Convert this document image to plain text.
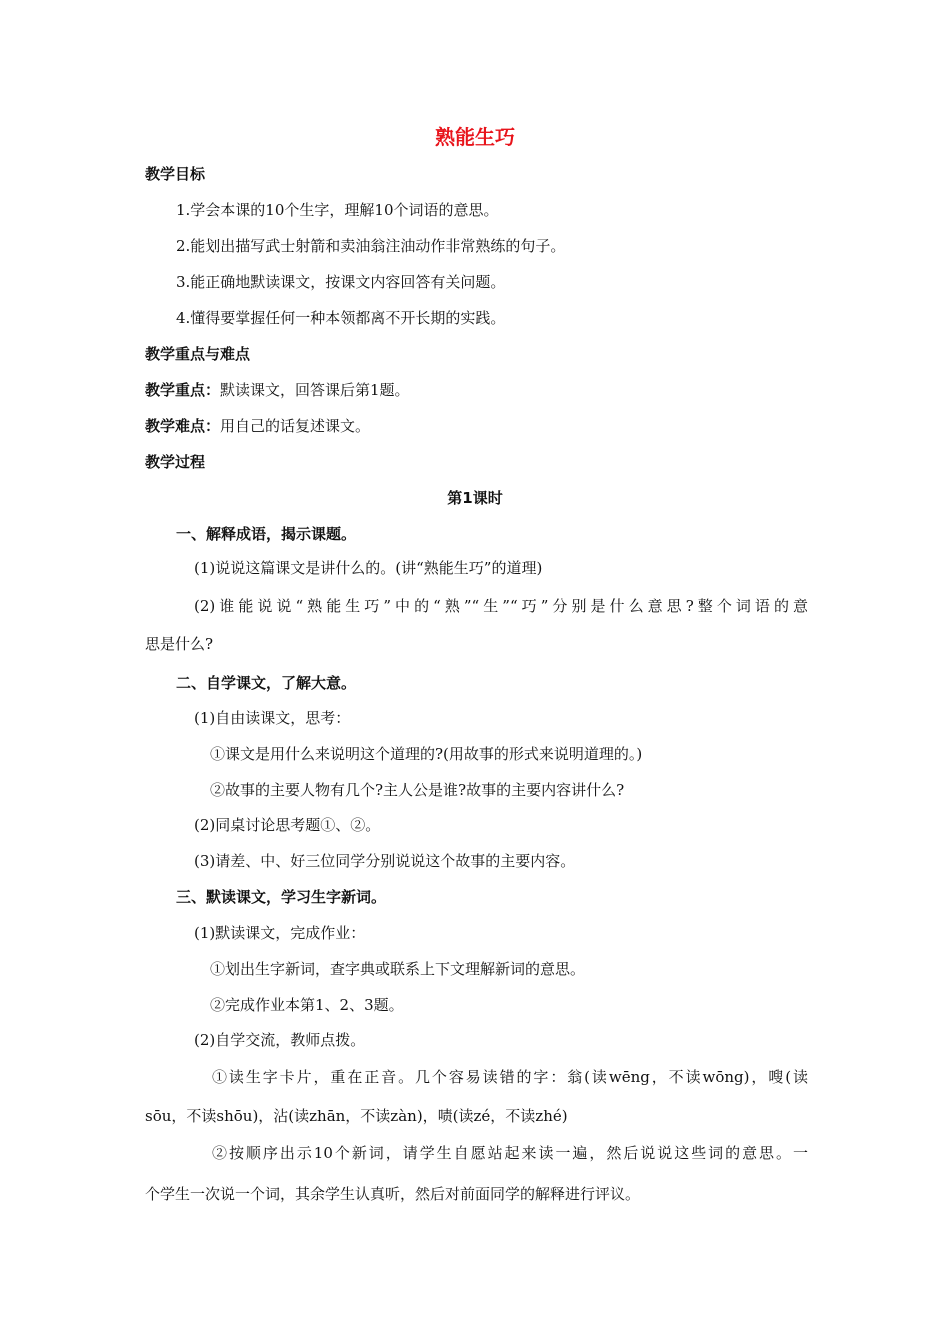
熟能生巧
教学目标
1.学会本课的10个生字，理解10个词语的意思。
2.能划出描写武士射箭和卖油翁注油动作非常熟练的句子。
3.能正确地默读课文，按课文内容回答有关问题。
4.懂得要掌握任何一种本领都离不开长期的实践。
教学重点与难点
教学重点：默读课文，回答课后第1题。
教学难点：用自己的话复述课文。
教学过程
第1课时
一、解释成语，揭示课题。
(1)说说这篇课文是讲什么的。(讲“熟能生巧”的道理)
(2)谁能说说“熟能生巧”中的“熟”“生”“巧”分别是什么意思?整个词语的意
思是什么?
二、自学课文，了解大意。
(1)自由读课文，思考：
①课文是用什么来说明这个道理的?(用故事的形式来说明道理的。)
②故事的主要人物有几个?主人公是谁?故事的主要内容讲什么?
(2)同桌讨论思考题①、②。
(3)请差、中、好三位同学分别说说这个故事的主要内容。
三、默读课文，学习生字新词。
(1)默读课文，完成作业：
①划出生字新词，查字典或联系上下文理解新词的意思。
②完成作业本第1、2、3题。
(2)自学交流，教师点拨。
①读生字卡片，重在正音。几个容易读错的字：翁(读wēng，不读wōng)，嗖(读
sōu，不读shōu)，沾(读zhān，不读zàn)，啧(读zé，不读zhé)
②按顺序出示10个新词，请学生自愿站起来读一遍，然后说说这些词的意思。一
个学生一次说一个词，其余学生认真听，然后对前面同学的解释进行评议。
